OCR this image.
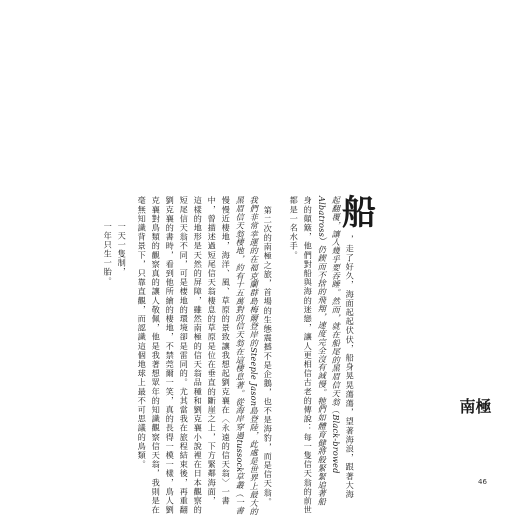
一天一隻制，
一年只生一胎。
船
，走了好久，海面起起伏伏，船身晃晃蕩蕩，望著海浪，跟著大海
起翻覆，讓人幾乎要吞睡。然而，就在船尾的黑眉信天翁（Black-browed
Albatross）仍鍥而不捨的飛翔，速度完全沒有減慢。牠們如體育健將般緊緊追著船
身的顛簸，他們對船與海的迷戀，讓人更相信古老的傳說：每一隻信天翁的前世
都是一名水手。
第二次的南極之旅，首場的生態震撼不是企鵝，也不是海豹，而是信天翁。
我們非常幸運的在福克蘭群島梅爾登岸的Steeple Jason島登陸，此處是世界上最大的
黑眉信天翁棲地，約有十五萬對的信天翁在這棲息著。從海岸穿過tussock草叢（一書
慢慢近棲地，海洋、風、草原的景致讓我想起劉克襄在〈永遠的信天翁〉一書
中，曾描述過短尾信天翁棲息的草原是位在垂直的斷崖之上，下方緊鄰海面，
這樣的地形是天然的屏障，雖然南極的信天翁品種和劉克襄小說裡在日本觀察的
短尾信天翁不同，可是棲地的環境卻是雷同的。尤其當我在旅程結束後，再重翻
劉克襄的書時，看到他所繪的棲地，不禁莞爾一笑，真的長得一模一樣，鳥人劉
克襄對鳥類的觀察真的讓人敬佩，他是我著想眾年的知識觀察信天翁，我則是在
毫無知識背景下，只靠直觀，而認識這個地球上最不可思議的鳥類。	極
南
46
